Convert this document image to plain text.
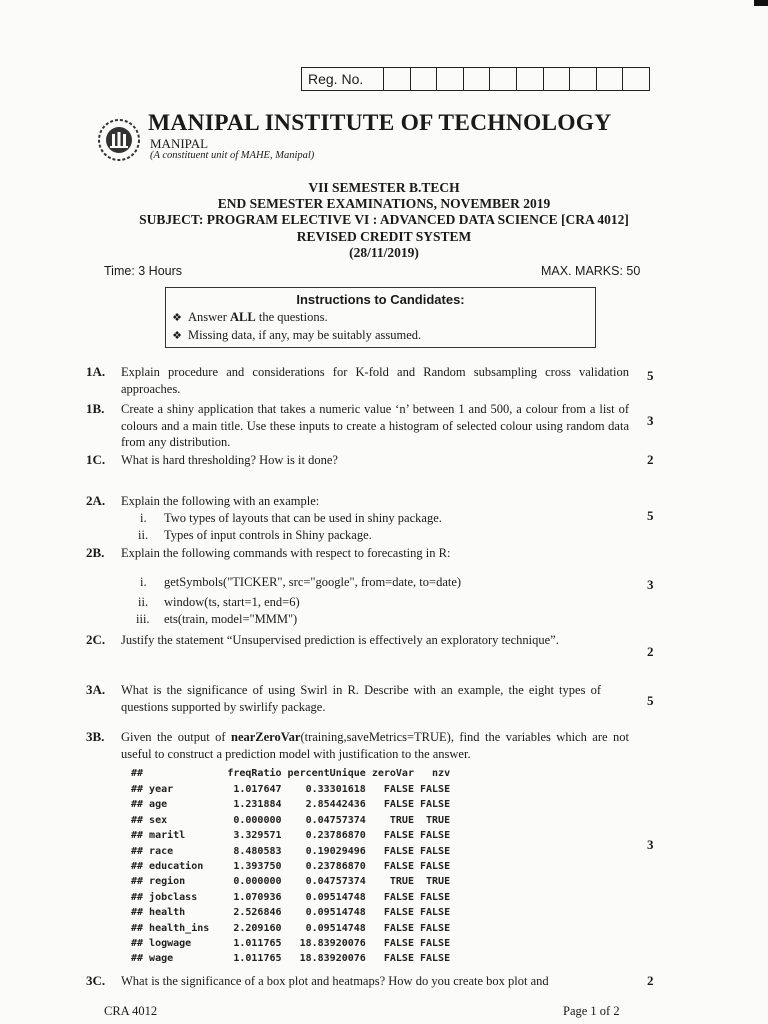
Reg. No.
MANIPAL INSTITUTE OF TECHNOLOGY
MANIPAL
(A constituent unit of MAHE, Manipal)
VII SEMESTER B.TECH
END SEMESTER EXAMINATIONS, NOVEMBER 2019
SUBJECT: PROGRAM ELECTIVE VI : ADVANCED DATA SCIENCE [CRA 4012]
REVISED CREDIT SYSTEM
(28/11/2019)
Time: 3 Hours	MAX. MARKS: 50
Instructions to Candidates:
❖ Answer ALL the questions.
❖ Missing data, if any, may be suitably assumed.
1A. Explain procedure and considerations for K-fold and Random subsampling cross validation approaches.
5
1B. Create a shiny application that takes a numeric value ‘n’ between 1 and 500, a colour from a list of colours and a main title. Use these inputs to create a histogram of selected colour using random data from any distribution.
3
1C. What is hard thresholding? How is it done?	2
2A. Explain the following with an example:
5
i. Two types of layouts that can be used in shiny package.
ii. Types of input controls in Shiny package.
2B. Explain the following commands with respect to forecasting in R:
3
i. getSymbols("TICKER", src="google", from=date, to=date)
ii. window(ts, start=1, end=6)
iii. ets(train, model="MMM")
2C. Justify the statement “Unsupervised prediction is effectively an exploratory technique”.
2
3A. What is the significance of using Swirl in R. Describe with an example, the eight types of questions supported by swirlify package.	5
3B. Given the output of nearZeroVar(training,saveMetrics=TRUE), find the variables which are not useful to construct a prediction model with justification to the answer.
3
##              freqRatio percentUnique zeroVar   nzv
## year          1.017647    0.33301618   FALSE FALSE
## age           1.231884    2.85442436   FALSE FALSE
## sex           0.000000    0.04757374    TRUE  TRUE
## maritl        3.329571    0.23786870   FALSE FALSE
## race          8.480583    0.19029496   FALSE FALSE
## education     1.393750    0.23786870   FALSE FALSE
## region        0.000000    0.04757374    TRUE  TRUE
## jobclass      1.070936    0.09514748   FALSE FALSE
## health        2.526846    0.09514748   FALSE FALSE
## health_ins    2.209160    0.09514748   FALSE FALSE
## logwage       1.011765   18.83920076   FALSE FALSE
## wage          1.011765   18.83920076   FALSE FALSE
3C. What is the significance of a box plot and heatmaps? How do you create box plot and	2
CRA 4012	Page 1 of 2
